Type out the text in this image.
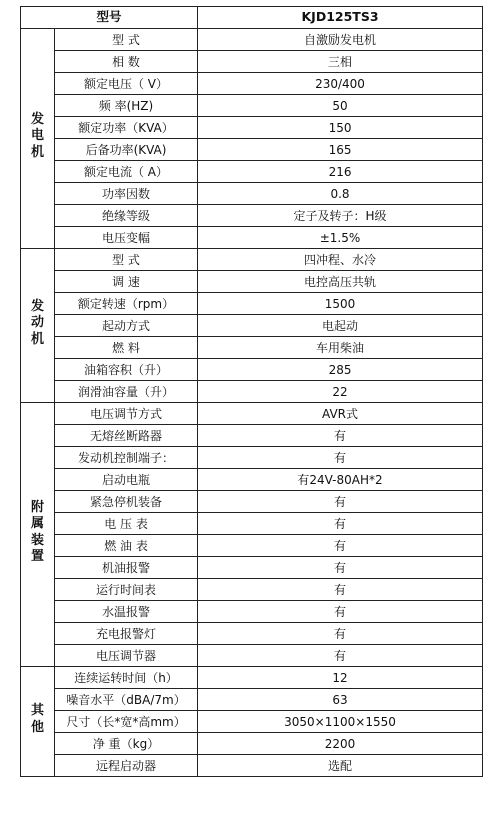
型号		KJD125TS3

发
电
机	型 式	自激励发电机
	相 数	三相
	额定电压（ V）	230/400
	频 率(HZ)	50
	额定功率（KVA）	150
	后备功率(KVA)	165
	额定电流（ A）	216
	功率因数	0.8
	绝缘等级	定子及转子：H级
	电压变幅	±1.5%

发
动
机	型 式	四冲程、水冷
	调 速	电控高压共轨
	额定转速（rpm）	1500
	起动方式	电起动
	燃 料	车用柴油
	油箱容积（升）	285
	润滑油容量（升）	22

附
属
装
置	电压调节方式	AVR式
	无熔丝断路器	有
	发动机控制端子：	有
	启动电瓶	有24V-80AH*2
	紧急停机装备	有
	电 压 表	有
	燃 油 表	有
	机油报警	有
	运行时间表	有
	水温报警	有
	充电报警灯	有
	电压调节器	有

其
他	连续运转时间（h）	12
	噪音水平（dBA/7m）	63
	尺寸（长*宽*高mm）	3050×1100×1550
	净 重（kg）	2200
	远程启动器	选配
